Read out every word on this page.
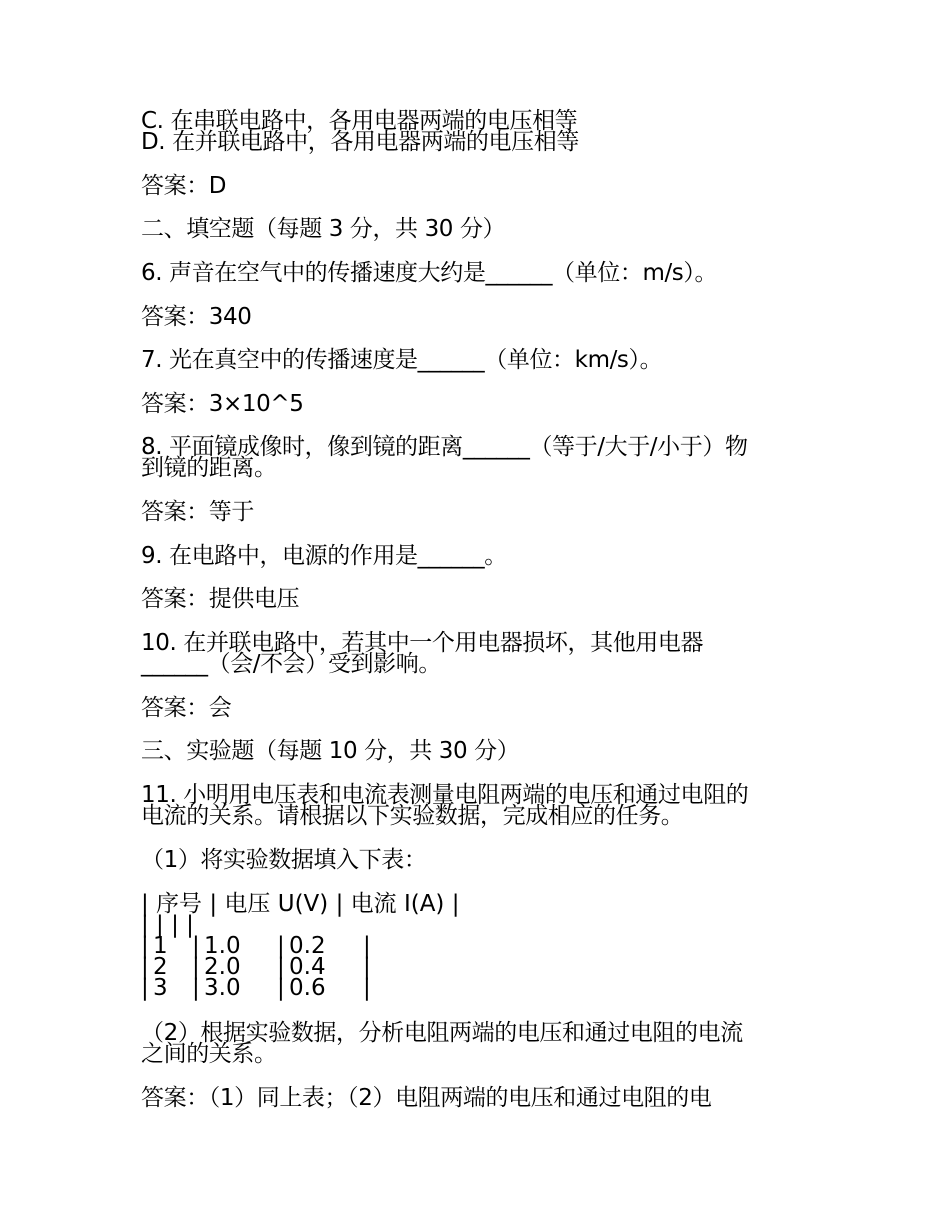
C. 在串联电路中，各用电器两端的电压相等
D. 在并联电路中，各用电器两端的电压相等
答案：D
二、填空题（每题 3 分，共 30 分）
6. 声音在空气中的传播速度大约是______（单位：m/s）。
答案：340
7. 光在真空中的传播速度是______（单位：km/s）。
答案：3×10^5
8. 平面镜成像时，像到镜的距离______（等于/大于/小于）物
到镜的距离。
答案：等于
9. 在电路中，电源的作用是______。
答案：提供电压
10. 在并联电路中，若其中一个用电器损坏，其他用电器
______（会/不会）受到影响。
答案：会
三、实验题（每题 10 分，共 30 分）
11. 小明用电压表和电流表测量电阻两端的电压和通过电阻的
电流的关系。请根据以下实验数据，完成相应的任务。
（1）将实验数据填入下表：
| 序号 | 电压 U(V) | 电流 I(A) |
| | | |
| 1 | 1.0 | 0.2 |
| 2 | 2.0 | 0.4 |
| 3 | 3.0 | 0.6 |
（2）根据实验数据，分析电阻两端的电压和通过电阻的电流
之间的关系。
答案：（1）同上表；（2）电阻两端的电压和通过电阻的电
